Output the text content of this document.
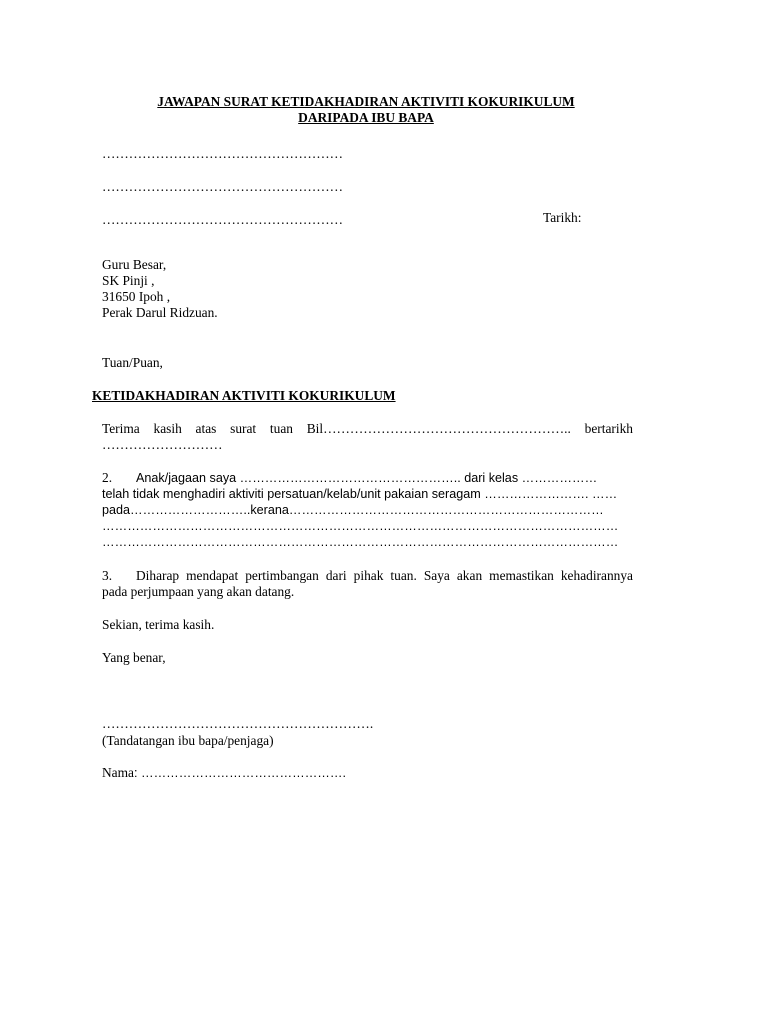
JAWAPAN SURAT KETIDAKHADIRAN AKTIVITI KOKURIKULUM
DARIPADA IBU BAPA
………………………………………………
………………………………………………
………………………………………………	Tarikh:
Guru Besar,
SK Pinji ,
31650 Ipoh ,
Perak Darul Ridzuan.
Tuan/Puan,
KETIDAKHADIRAN AKTIVITI KOKURIKULUM
Terima kasih atas surat tuan Bil……………………………………………….. bertarikh
………………………
2. Anak/jagaan saya …………………………………………….. dari kelas ………………
telah tidak menghadiri aktiviti persatuan/kelab/unit pakaian seragam ……………………. ……
pada………………………..kerana…………………………………………………………………
……………………………………………………………………………………………………………
……………………………………………………………………………………………………………
3. Diharap mendapat pertimbangan dari pihak tuan. Saya akan memastikan kehadirannya
pada perjumpaan yang akan datang.
Sekian, terima kasih.
Yang benar,
…………………………………………………….
(Tandatangan ibu bapa/penjaga)
Nama: ………………………………………….
